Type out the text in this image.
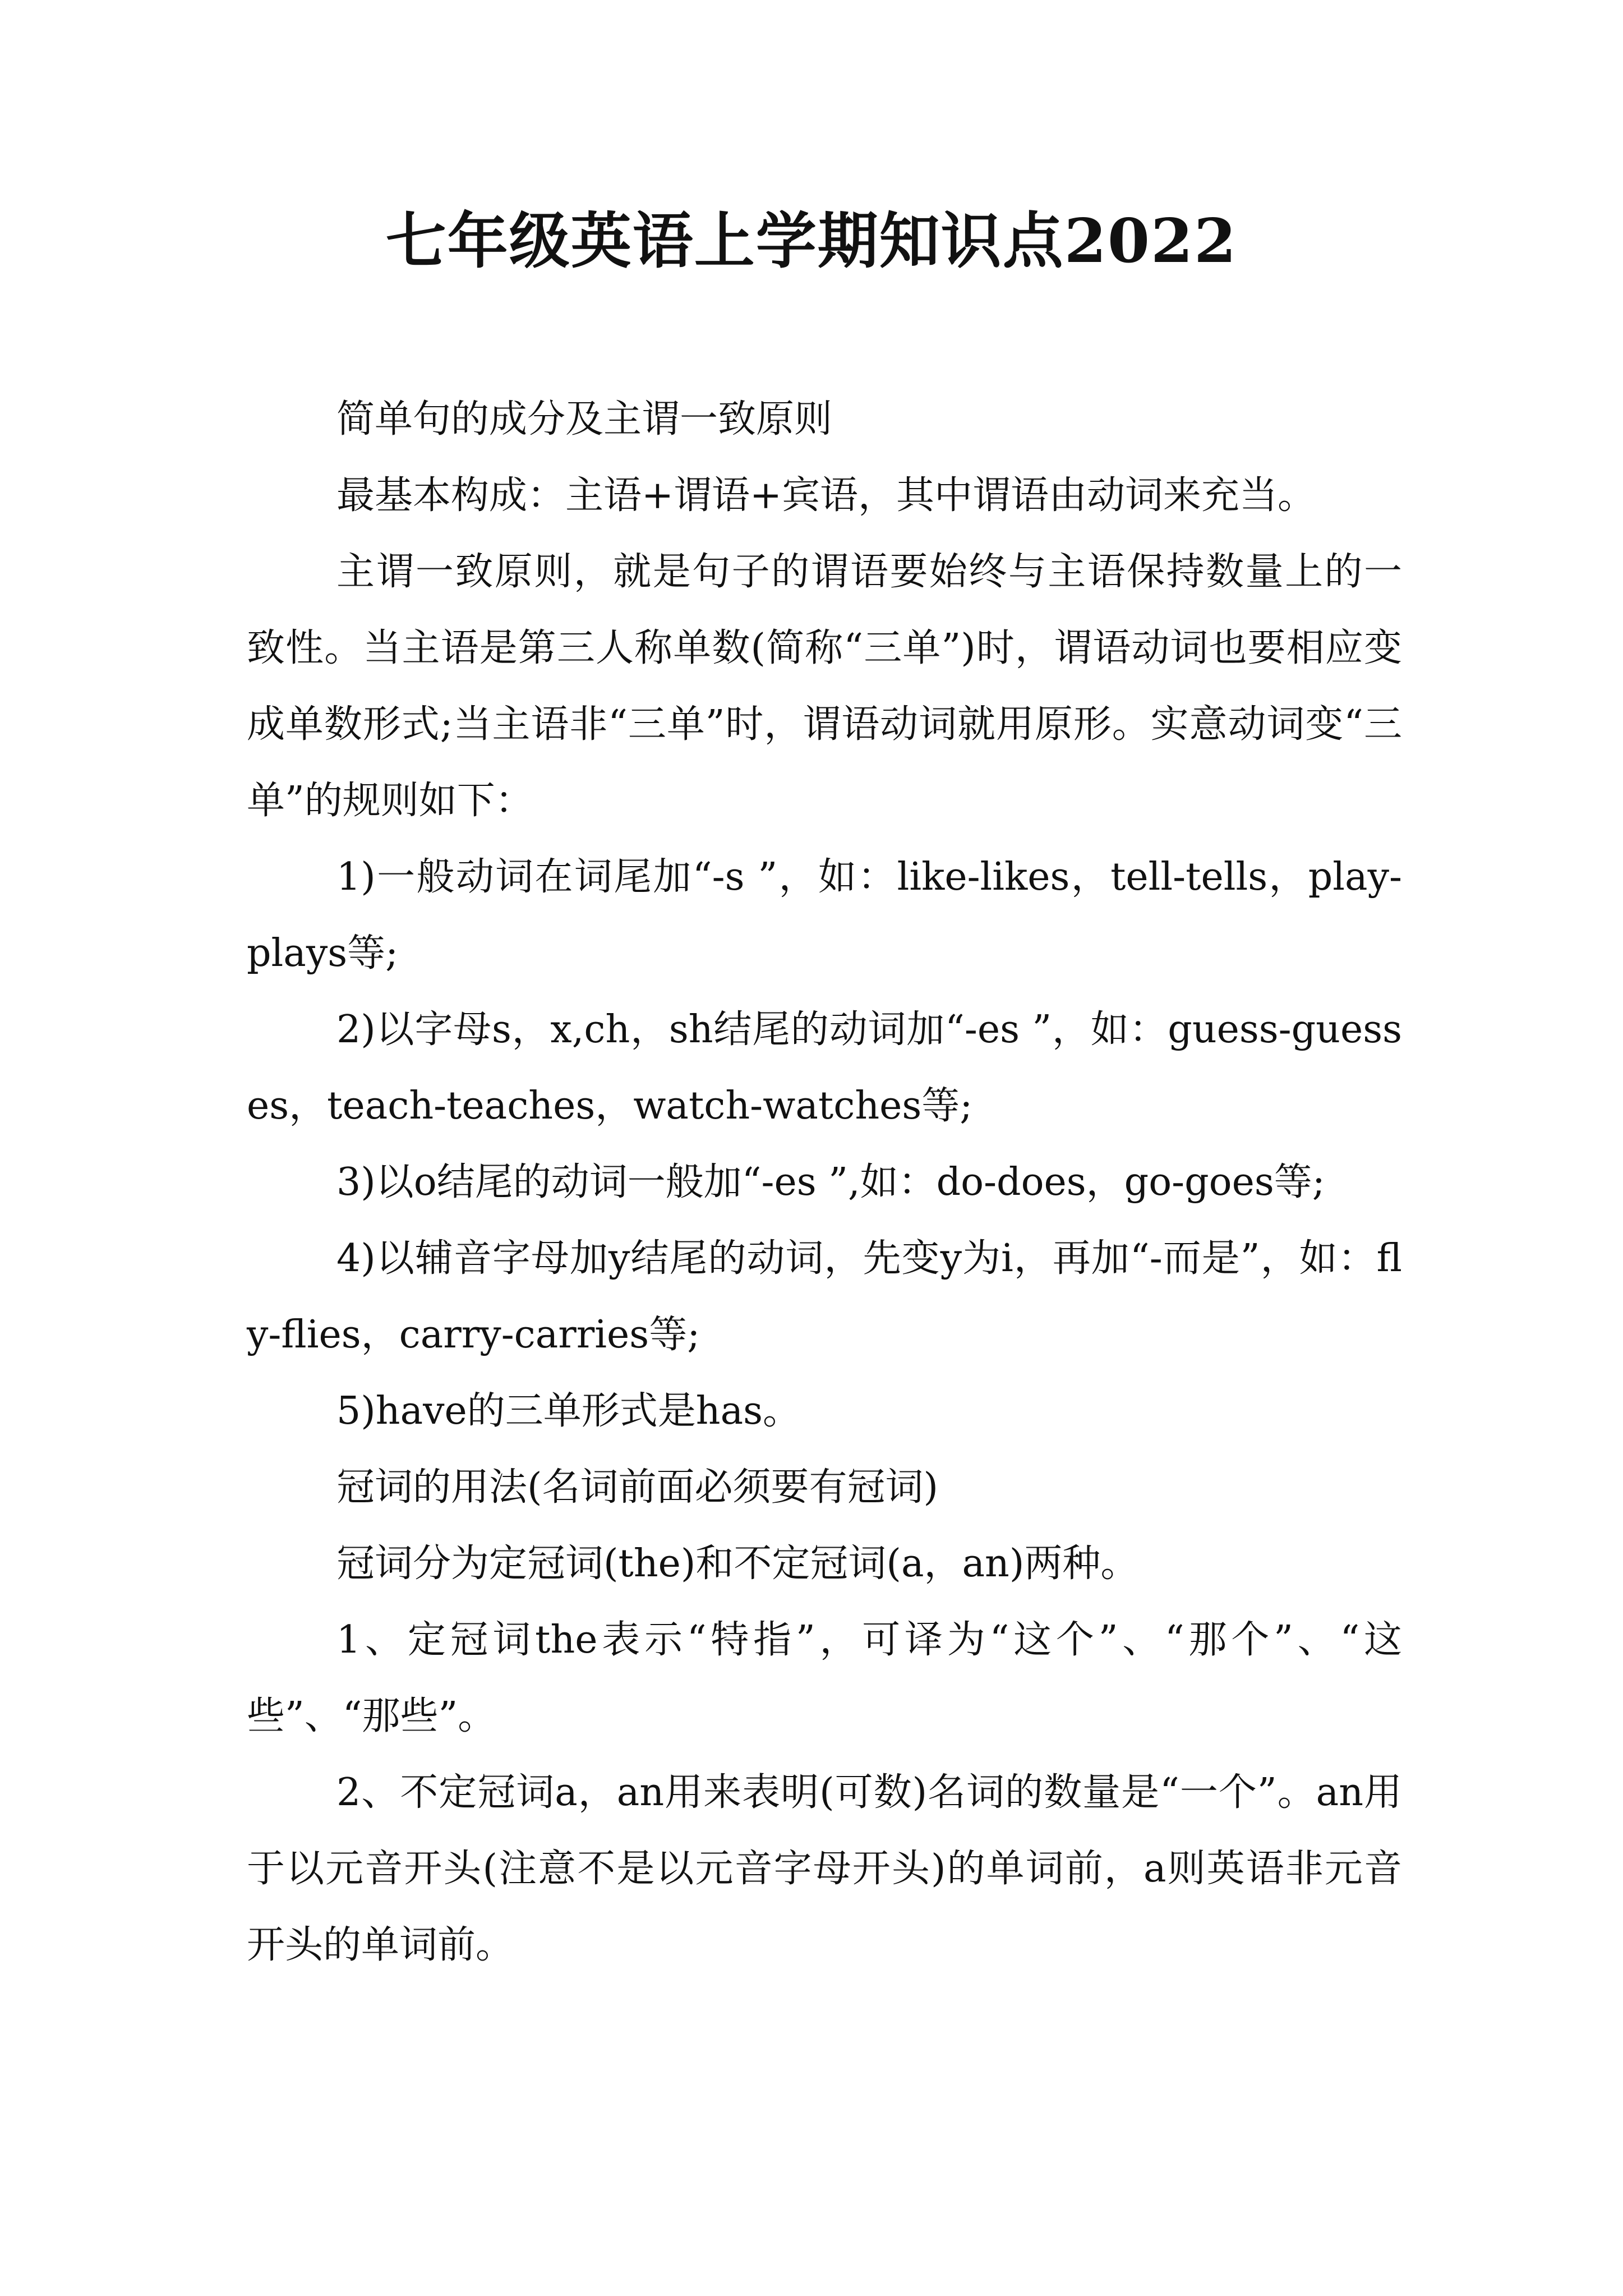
七年级英语上学期知识点2022

简单句的成分及主谓一致原则

最基本构成：主语+谓语+宾语，其中谓语由动词来充当。

主谓一致原则，就是句子的谓语要始终与主语保持数量上的一致性。当主语是第三人称单数(简称“三单”)时，谓语动词也要相应变成单数形式;当主语非“三单”时，谓语动词就用原形。实意动词变“三单”的规则如下：

1)一般动词在词尾加“-s ”，如：like-likes，tell-tells，play-plays等;

2)以字母s，x,ch，sh结尾的动词加“-es ”，如：guess-guesses，teach-teaches，watch-watches等;

3)以o结尾的动词一般加“-es ”,如：do-does，go-goes等;

4)以辅音字母加y结尾的动词，先变y为i，再加“-而是”，如：fly-flies，carry-carries等;

5)have的三单形式是has。

冠词的用法(名词前面必须要有冠词)

冠词分为定冠词(the)和不定冠词(a，an)两种。

1、定冠词the表示“特指”，可译为“这个”、“那个”、“这些”、“那些”。

2、不定冠词a，an用来表明(可数)名词的数量是“一个”。an用于以元音开头(注意不是以元音字母开头)的单词前，a则英语非元音开头的单词前。
